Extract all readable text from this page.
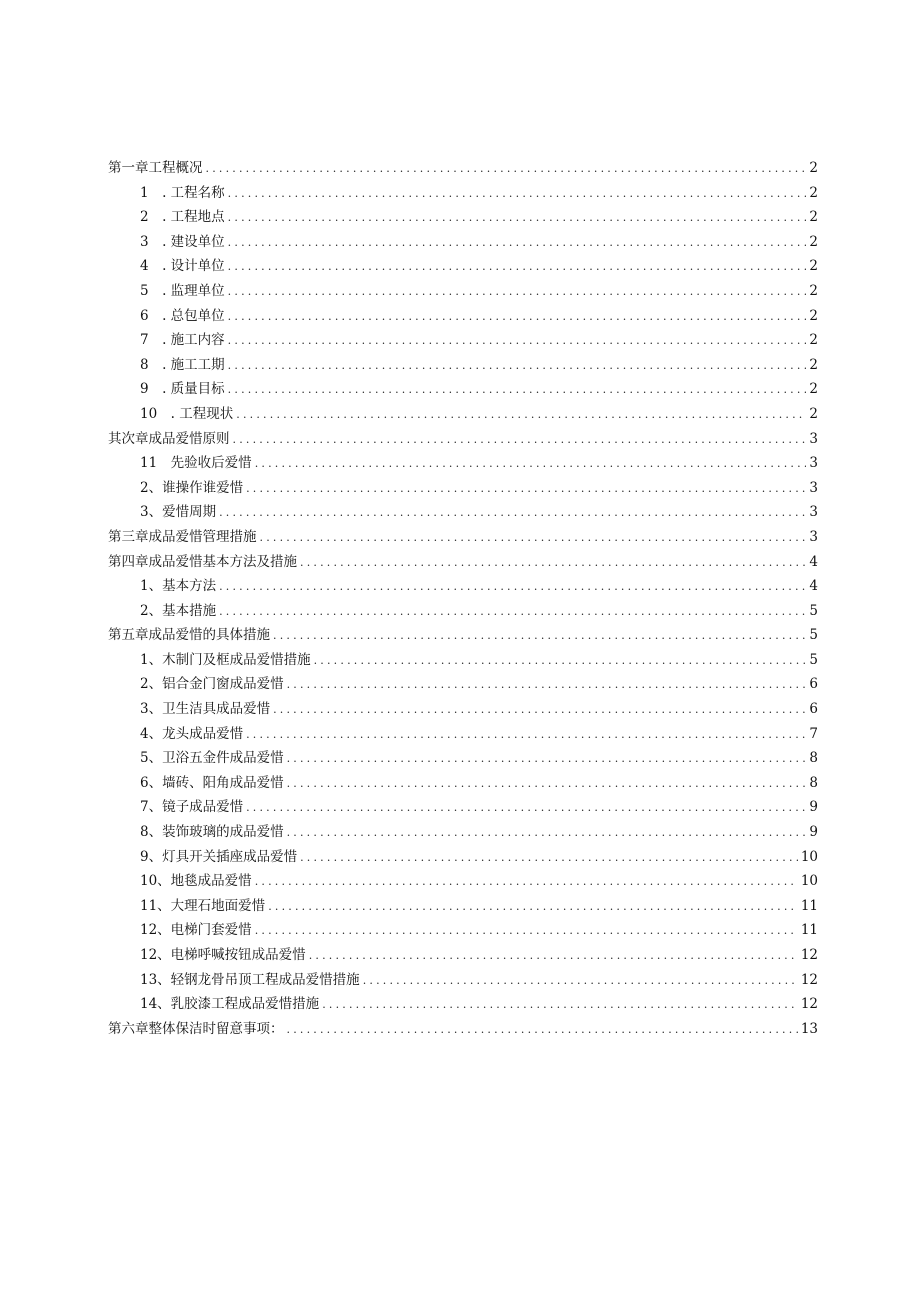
第一章工程概况 .....	2
1　. 工程名称 .....	2
2　. 工程地点 .....	2
3　. 建设单位 .....	2
4　. 设计单位 .....	2
5　. 监理单位 .....	2
6　. 总包单位 .....	2
7　. 施工内容 .....	2
8　. 施工工期 .....	2
9　. 质量目标 .....	2
10　. 工程现状 .....	2
其次章成品爱惜原则 .....	3
11　先验收后爱惜 .....	3
2、谁操作谁爱惜 .....	3
3、爱惜周期 .....	3
第三章成品爱惜管理措施 .....	3
第四章成品爱惜基本方法及措施 .....	4
1、基本方法 .....	4
2、基本措施 .....	5
第五章成品爱惜的具体措施 .....	5
1、木制门及框成品爱惜措施 .....	5
2、铝合金门窗成品爱惜 .....	6
3、卫生洁具成品爱惜 .....	6
4、龙头成品爱惜 .....	7
5、卫浴五金件成品爱惜 .....	8
6、墙砖、阳角成品爱惜 .....	8
7、镜子成品爱惜 .....	9
8、装饰玻璃的成品爱惜 .....	9
9、灯具开关插座成品爱惜 .....	10
10、地毯成品爱惜 .....	10
11、大理石地面爱惜 .....	11
12、电梯门套爱惜 .....	11
12、电梯呼喊按钮成品爱惜 .....	12
13、轻钢龙骨吊顶工程成品爱惜措施 .....	12
14、乳胶漆工程成品爱惜措施 .....	12
第六章整体保洁时留意事项： .....	13
